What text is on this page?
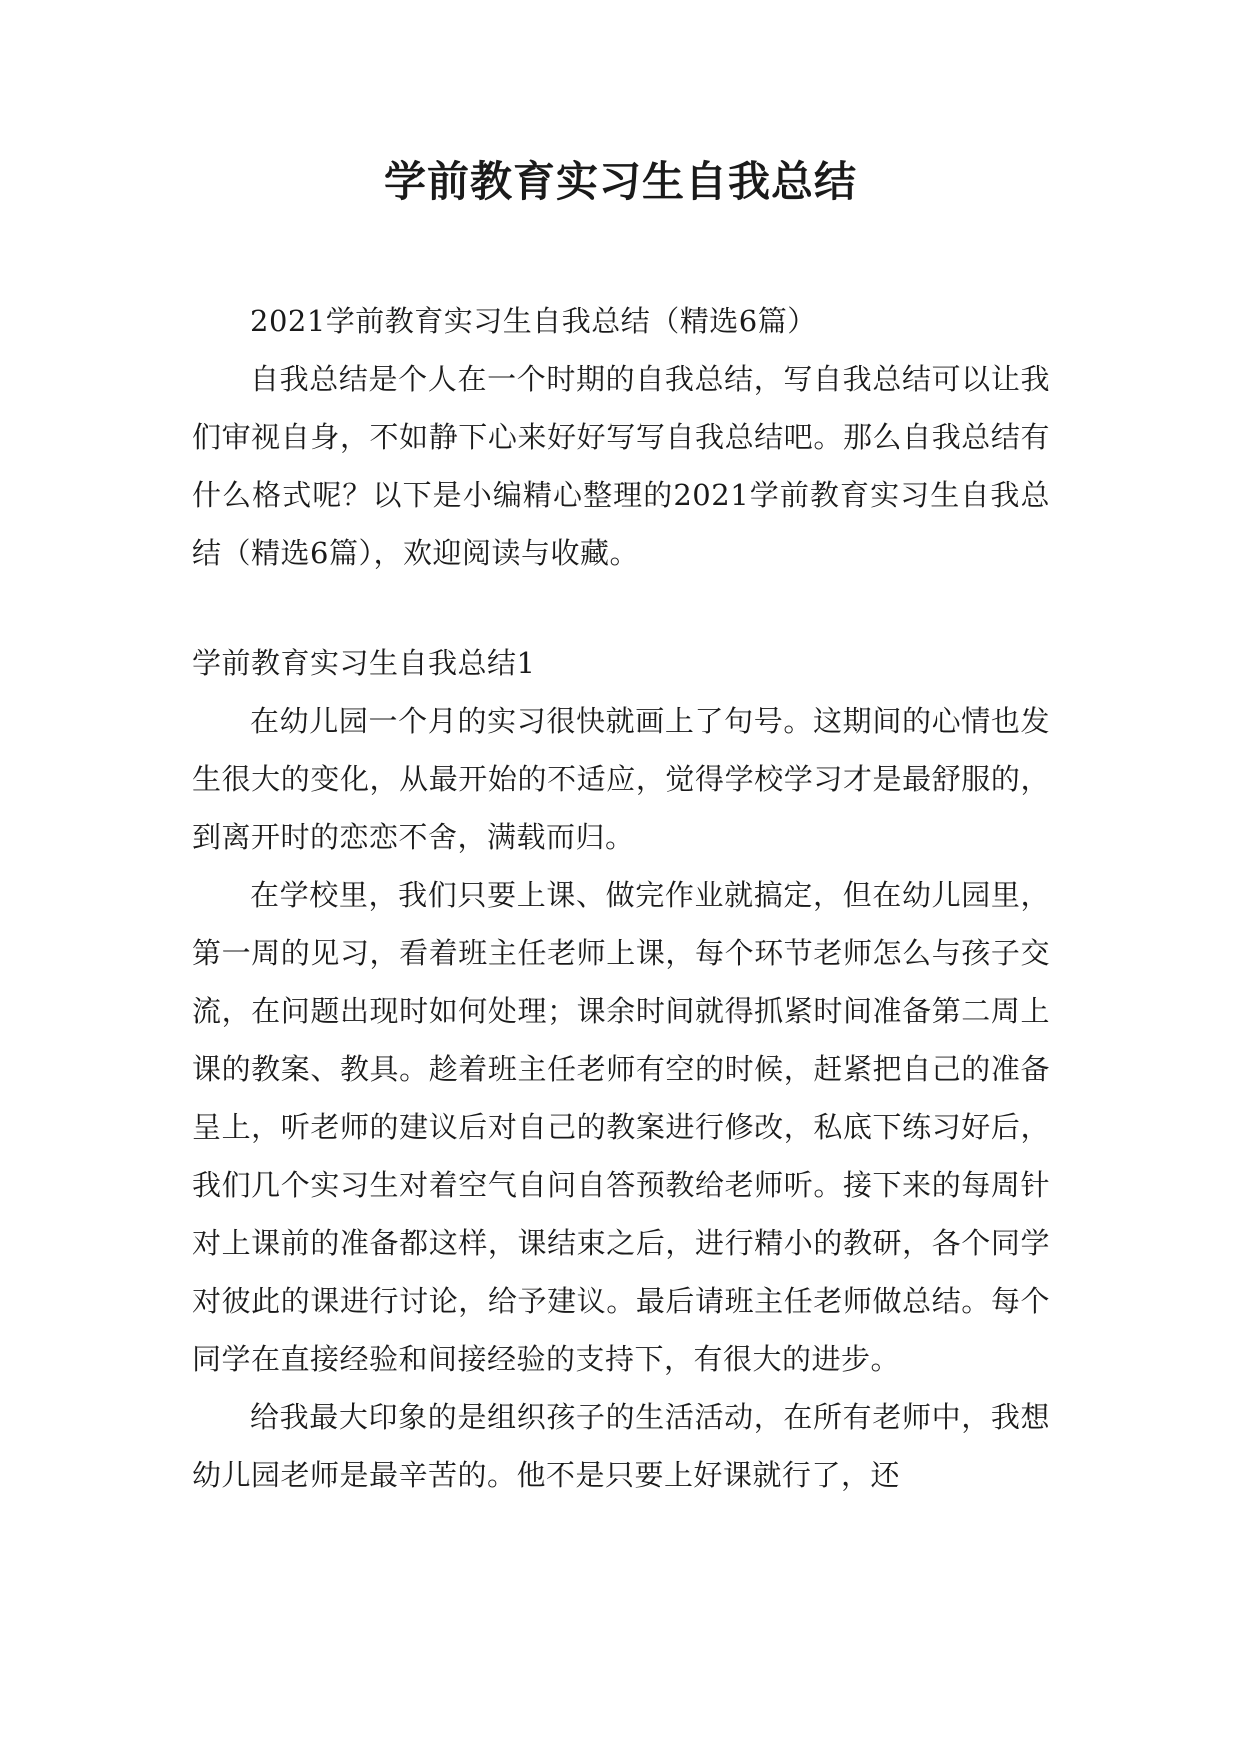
学前教育实习生自我总结

2021学前教育实习生自我总结（精选6篇）

自我总结是个人在一个时期的自我总结，写自我总结可以让我们审视自身，不如静下心来好好写写自我总结吧。那么自我总结有什么格式呢？以下是小编精心整理的2021学前教育实习生自我总结（精选6篇），欢迎阅读与收藏。

学前教育实习生自我总结1

在幼儿园一个月的实习很快就画上了句号。这期间的心情也发生很大的变化，从最开始的不适应，觉得学校学习才是最舒服的，到离开时的恋恋不舍，满载而归。

在学校里，我们只要上课、做完作业就搞定，但在幼儿园里，第一周的见习，看着班主任老师上课，每个环节老师怎么与孩子交流，在问题出现时如何处理；课余时间就得抓紧时间准备第二周上课的教案、教具。趁着班主任老师有空的时候，赶紧把自己的准备呈上，听老师的建议后对自己的教案进行修改，私底下练习好后，我们几个实习生对着空气自问自答预教给老师听。接下来的每周针对上课前的准备都这样，课结束之后，进行精小的教研，各个同学对彼此的课进行讨论，给予建议。最后请班主任老师做总结。每个同学在直接经验和间接经验的支持下，有很大的进步。

给我最大印象的是组织孩子的生活活动，在所有老师中，我想幼儿园老师是最辛苦的。他不是只要上好课就行了，还
